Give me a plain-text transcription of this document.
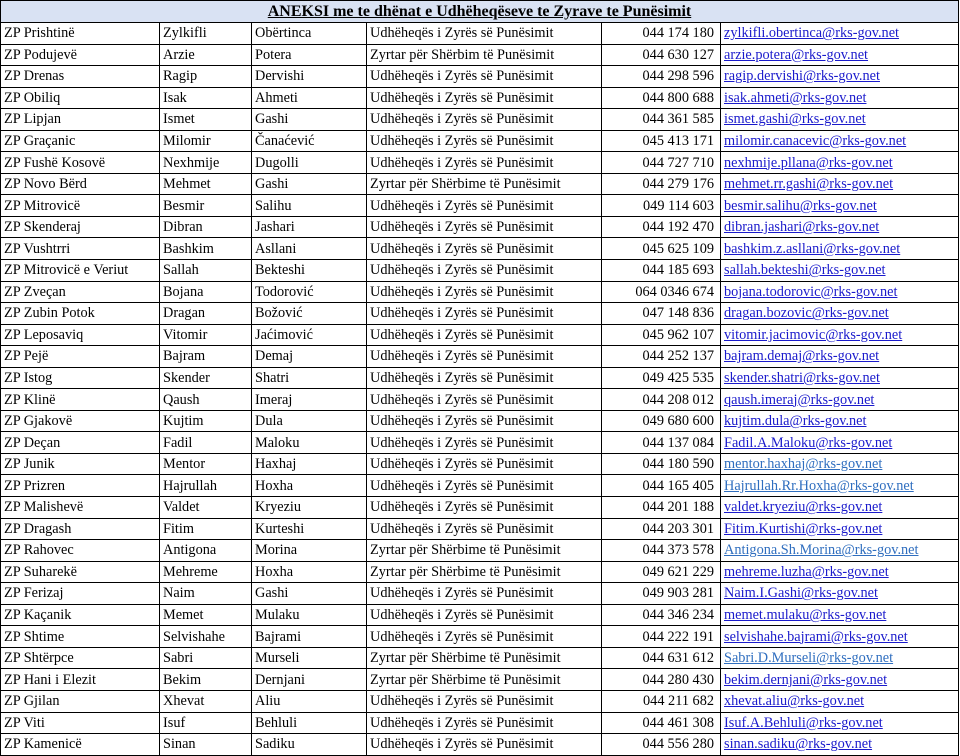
ANEKSI me te dhënat e Udhëheqëseve te Zyrave te Punësimit					
ZP Prishtinë	Zylkifli	Obërtinca	Udhëheqës i Zyrës së Punësimit	044 174 180	zylkifli.obertinca@rks-gov.net
ZP Podujevë	Arzie	Potera	Zyrtar për Shërbim të Punësimit	044 630 127	arzie.potera@rks-gov.net
ZP Drenas	Ragip	Dervishi	Udhëheqës i Zyrës së Punësimit	044 298 596	ragip.dervishi@rks-gov.net
ZP Obiliq	Isak	Ahmeti	Udhëheqës i Zyrës së Punësimit	044 800 688	isak.ahmeti@rks-gov.net
ZP Lipjan	Ismet	Gashi	Udhëheqës i Zyrës së Punësimit	044 361 585	ismet.gashi@rks-gov.net
ZP Graçanic	Milomir	Čanaćević	Udhëheqës i Zyrës së Punësimit	045 413 171	milomir.canacevic@rks-gov.net
ZP Fushë Kosovë	Nexhmije	Dugolli	Udhëheqës i Zyrës së Punësimit	044 727 710	nexhmije.pllana@rks-gov.net
ZP Novo Bërd	Mehmet	Gashi	Zyrtar për Shërbime të Punësimit	044 279 176	mehmet.rr.gashi@rks-gov.net
ZP Mitrovicë	Besmir	Salihu	Udhëheqës i Zyrës së Punësimit	049 114 603	besmir.salihu@rks-gov.net
ZP Skenderaj	Dibran	Jashari	Udhëheqës i Zyrës së Punësimit	044 192 470	dibran.jashari@rks-gov.net
ZP Vushtrri	Bashkim	Asllani	Udhëheqës i Zyrës së Punësimit	045 625 109	bashkim.z.asllani@rks-gov.net
ZP Mitrovicë e Veriut	Sallah	Bekteshi	Udhëheqës i Zyrës së Punësimit	044 185 693	sallah.bekteshi@rks-gov.net
ZP Zveçan	Bojana	Todorović	Udhëheqës i Zyrës së Punësimit	064 0346 674	bojana.todorovic@rks-gov.net
ZP Zubin Potok	Dragan	Božović	Udhëheqës i Zyrës së Punësimit	047 148 836	dragan.bozovic@rks-gov.net
ZP Leposaviq	Vitomir	Jaćimović	Udhëheqës i Zyrës së Punësimit	045 962 107	vitomir.jacimovic@rks-gov.net
ZP Pejë	Bajram	Demaj	Udhëheqës i Zyrës së Punësimit	044 252 137	bajram.demaj@rks-gov.net
ZP Istog	Skender	Shatri	Udhëheqës i Zyrës së Punësimit	049 425 535	skender.shatri@rks-gov.net
ZP Klinë	Qaush	Imeraj	Udhëheqës i Zyrës së Punësimit	044 208 012	qaush.imeraj@rks-gov.net
ZP Gjakovë	Kujtim	Dula	Udhëheqës i Zyrës së Punësimit	049 680 600	kujtim.dula@rks-gov.net
ZP Deçan	Fadil	Maloku	Udhëheqës i Zyrës së Punësimit	044 137 084	Fadil.A.Maloku@rks-gov.net
ZP Junik	Mentor	Haxhaj	Udhëheqës i Zyrës së Punësimit	044 180 590	mentor.haxhaj@rks-gov.net
ZP Prizren	Hajrullah	Hoxha	Udhëheqës i Zyrës së Punësimit	044 165 405	Hajrullah.Rr.Hoxha@rks-gov.net
ZP Malishevë	Valdet	Kryeziu	Udhëheqës i Zyrës së Punësimit	044 201 188	valdet.kryeziu@rks-gov.net
ZP Dragash	Fitim	Kurteshi	Udhëheqës i Zyrës së Punësimit	044 203 301	Fitim.Kurtishi@rks-gov.net
ZP Rahovec	Antigona	Morina	Zyrtar për Shërbime të Punësimit	044 373 578	Antigona.Sh.Morina@rks-gov.net
ZP Suharekë	Mehreme	Hoxha	Zyrtar për Shërbime të Punësimit	049 621 229	mehreme.luzha@rks-gov.net
ZP Ferizaj	Naim	Gashi	Udhëheqës i Zyrës së Punësimit	049 903 281	Naim.I.Gashi@rks-gov.net
ZP Kaçanik	Memet	Mulaku	Udhëheqës i Zyrës së Punësimit	044 346 234	memet.mulaku@rks-gov.net
ZP Shtime	Selvishahe	Bajrami	Udhëheqës i Zyrës së Punësimit	044 222 191	selvishahe.bajrami@rks-gov.net
ZP Shtërpce	Sabri	Murseli	Zyrtar për Shërbime të Punësimit	044 631 612	Sabri.D.Murseli@rks-gov.net
ZP Hani i Elezit	Bekim	Dernjani	Zyrtar për Shërbime të Punësimit	044 280 430	bekim.dernjani@rks-gov.net
ZP Gjilan	Xhevat	Aliu	Udhëheqës i Zyrës së Punësimit	044 211 682	xhevat.aliu@rks-gov.net
ZP Viti	Isuf	Behluli	Udhëheqës i Zyrës së Punësimit	044 461 308	Isuf.A.Behluli@rks-gov.net
ZP Kamenicë	Sinan	Sadiku	Udhëheqës i Zyrës së Punësimit	044 556 280	sinan.sadiku@rks-gov.net
